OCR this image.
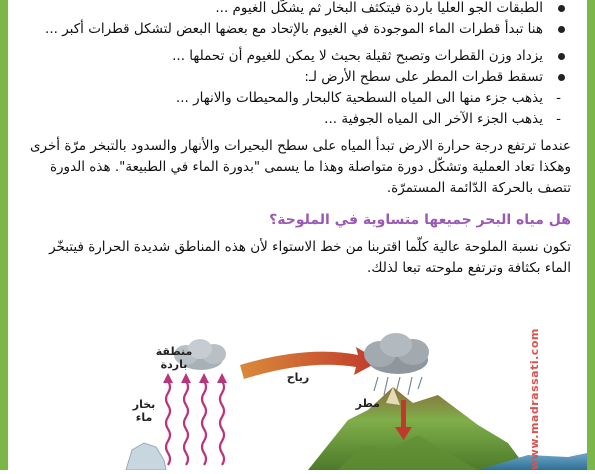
الطبقات الجو العليا باردة فيتكثف البخار ثم يشكّل الغيوم ...
هنا تبدأ قطرات الماء الموجودة في الغيوم بالإتحاد مع بعضها البعض لتشكل قطرات أكبر ...
يزداد وزن القطرات وتصبح ثقيلة بحيث لا يمكن للغيوم أن تحملها ...
تسقط قطرات المطر على سطح الأرض لـ:
- يذهب جزء منها الى المياه السطحية كالبحار والمحيطات والانهار ...
- يذهب الجزء الآخر الى المياه الجوفية ...

عندما ترتفع درجة حرارة الارض تبدأ المياه على سطح البحيرات والأنهار والسدود بالتبخر مرّة أخرى وهكذا تعاد العملية وتشكّل دورة متواصلة وهذا ما يسمى "بدورة الماء في الطبيعة". هذه الدورة تتصف بالحركة الدّائمة المستمرّة.

هل مياه البحر جميعها متساوية في الملوحة؟

تكون نسبة الملوحة عالية كلّما اقتربنا من خط الاستواء لأن هذه المناطق شديدة الحرارة فيتبخّر الماء بكثافة وترتفع ملوحته تبعا لذلك.

منطقة باردة
بخار ماء
رياح
مطر	www.madrassati.com
